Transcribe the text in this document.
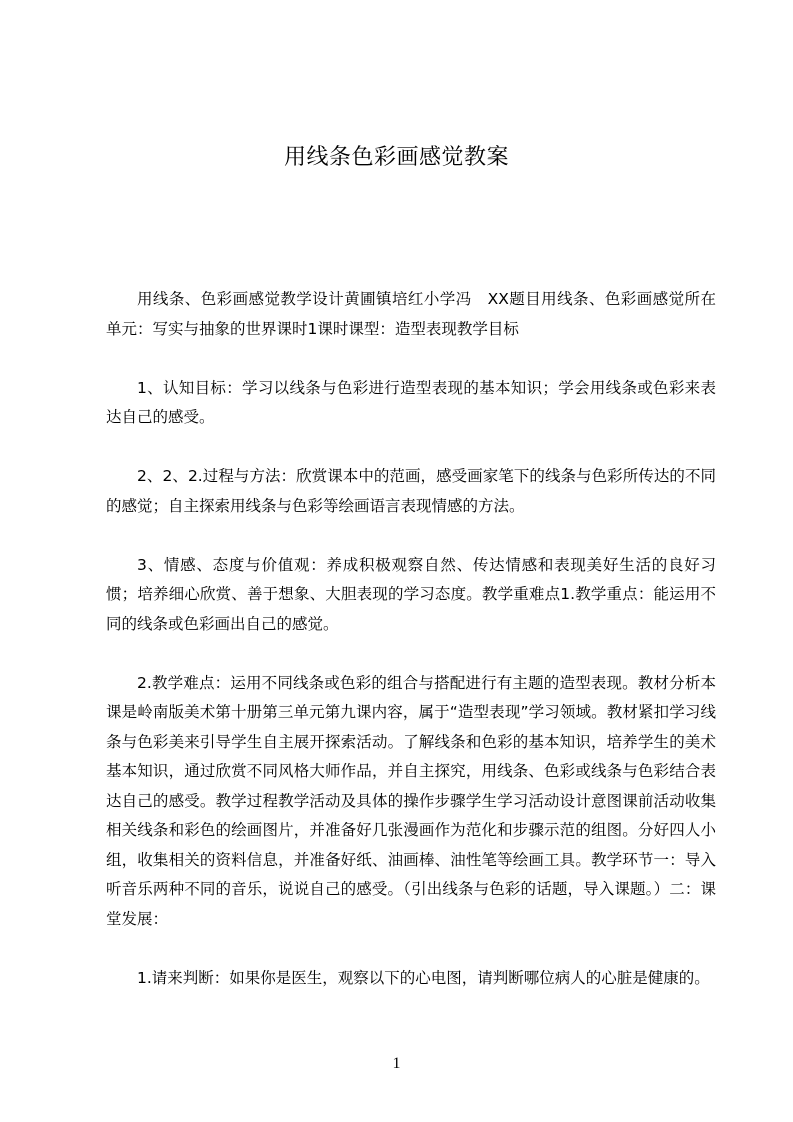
用线条色彩画感觉教案

用线条、色彩画感觉教学设计黄圃镇培红小学冯　XX题目用线条、色彩画感觉所在单元：写实与抽象的世界课时1课时课型：造型表现教学目标

1、认知目标：学习以线条与色彩进行造型表现的基本知识；学会用线条或色彩来表达自己的感受。

2、2、2.过程与方法：欣赏课本中的范画，感受画家笔下的线条与色彩所传达的不同的感觉；自主探索用线条与色彩等绘画语言表现情感的方法。

3、情感、态度与价值观：养成积极观察自然、传达情感和表现美好生活的良好习惯；培养细心欣赏、善于想象、大胆表现的学习态度。教学重难点1.教学重点：能运用不同的线条或色彩画出自己的感觉。

2.教学难点：运用不同线条或色彩的组合与搭配进行有主题的造型表现。教材分析本课是岭南版美术第十册第三单元第九课内容，属于“造型表现”学习领域。教材紧扣学习线条与色彩美来引导学生自主展开探索活动。了解线条和色彩的基本知识，培养学生的美术基本知识，通过欣赏不同风格大师作品，并自主探究，用线条、色彩或线条与色彩结合表达自己的感受。教学过程教学活动及具体的操作步骤学生学习活动设计意图课前活动收集相关线条和彩色的绘画图片，并准备好几张漫画作为范化和步骤示范的组图。分好四人小组，收集相关的资料信息，并准备好纸、油画棒、油性笔等绘画工具。教学环节一：导入听音乐两种不同的音乐，说说自己的感受。（引出线条与色彩的话题，导入课题。）二：课堂发展：

1.请来判断：如果你是医生，观察以下的心电图，请判断哪位病人的心脏是健康的。

1
